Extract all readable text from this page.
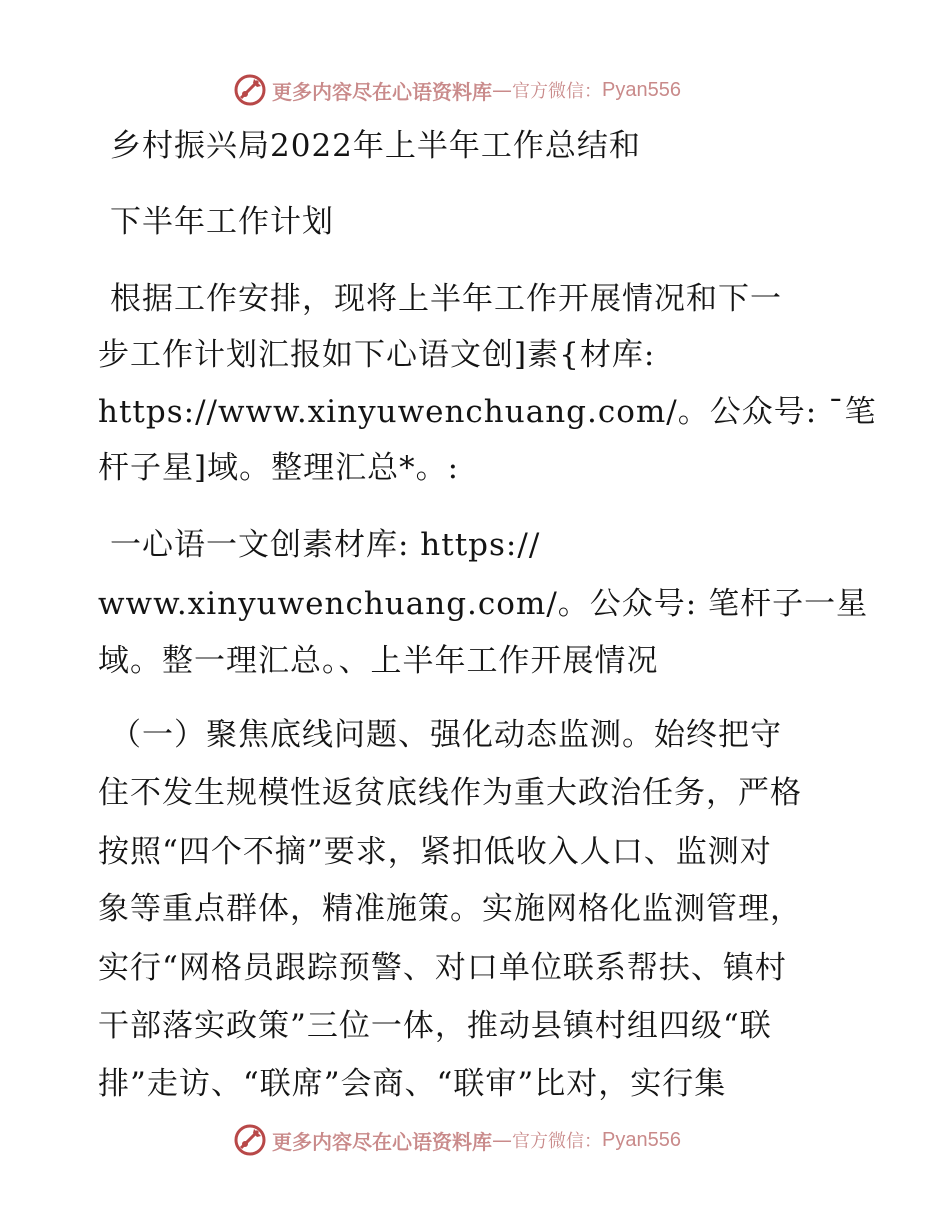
更多内容尽在心语资料库 — 官方微信： Pyan556
乡村振兴局2022年上半年工作总结和
下半年工作计划
根据工作安排，现将上半年工作开展情况和下一
步工作计划汇报如下心语文创]素{材库:
https://www.xinyuwenchuang.com/。公众号: ¯笔
杆子星]域。整理汇总*。:
一心语一文创素材库: https://
www.xinyuwenchuang.com/。公众号: 笔杆子一星
域。整一理汇总。、上半年工作开展情况
（一）聚焦底线问题、强化动态监测。始终把守
住不发生规模性返贫底线作为重大政治任务，严格
按照“四个不摘”要求，紧扣低收入人口、监测对
象等重点群体，精准施策。实施网格化监测管理，
实行“网格员跟踪预警、对口单位联系帮扶、镇村
干部落实政策”三位一体，推动县镇村组四级“联
排”走访、“联席”会商、“联审”比对，实行集
更多内容尽在心语资料库 — 官方微信： Pyan556
